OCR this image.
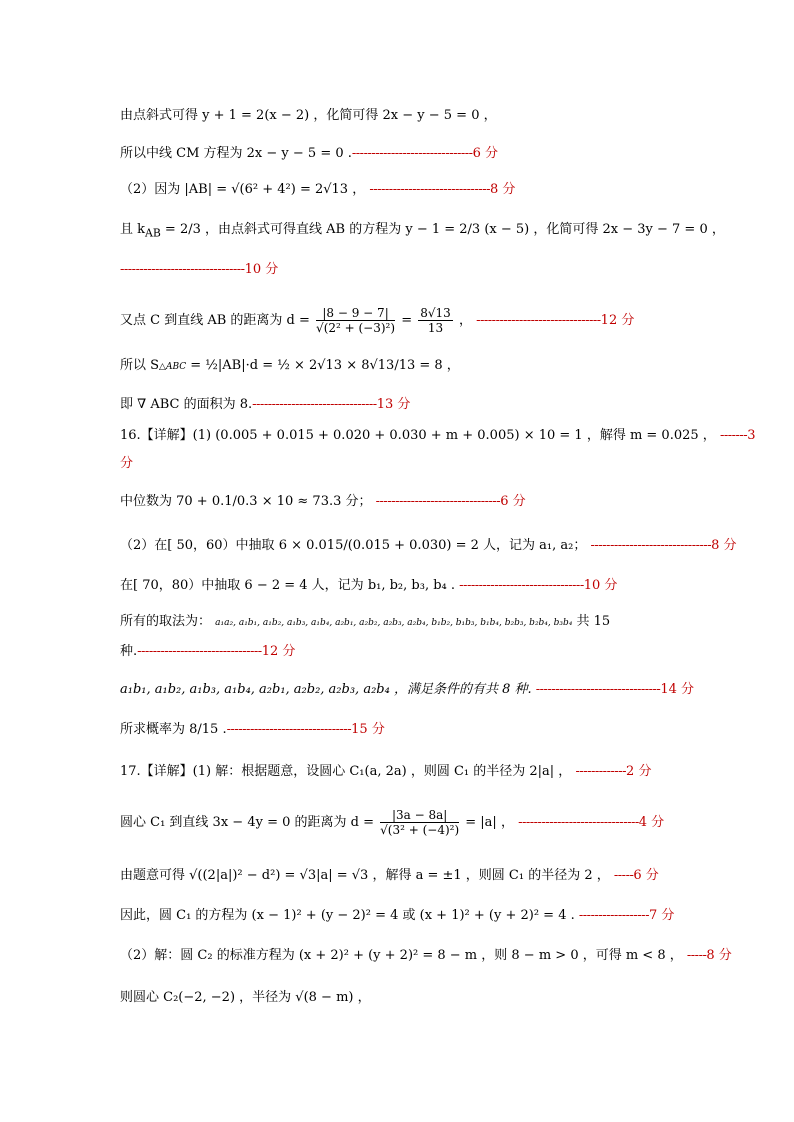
由点斜式可得 y + 1 = 2(x − 2) ，化简可得 2x − y − 5 = 0 ，
所以中线 CM 方程为 2x − y − 5 = 0 .-------------------------------6 分
（2）因为 |AB| = √(6² + 4²) = 2√13 ， -------------------------------8 分
且 $k_{AB} = 2/3$ ，由点斜式可得直线 AB 的方程为 y − 1 = 2/3 (x − 5) ，化简可得 2x − 3y − 7 = 0 ，
--------------------------------10 分
又点 C 到直线 AB 的距离为 $d = \frac{|8 - 9 - 7|}{\text{√(2² + (−3)²)}} = \frac{8√13}{13}$ ， --------------------------------12 分
所以 S△ABC = ½|AB|·d = ½ × 2√13 × 8√13/13 = 8 ，
即 ∇ ABC 的面积为 8.--------------------------------13 分
16.【详解】(1) (0.005 + 0.015 + 0.020 + 0.030 + m + 0.005) × 10 = 1 ，解得 m = 0.025 ， -------3
分
中位数为 70 + 0.1/0.3 × 10 ≈ 73.3 分； --------------------------------6 分
（2）在[ 50，60）中抽取 6 × 0.015/(0.015 + 0.030) = 2 人，记为 a₁, a₂； -------------------------------8 分
在[ 70，80）中抽取 6 − 2 = 4 人，记为 b₁, b₂, b₃, b₄ . --------------------------------10 分
所有的取法为： a₁a₂, a₁b₁, a₁b₂, a₁b₃, a₁b₄, a₂b₁, a₂b₂, a₂b₃, a₂b₄, b₁b₂, b₁b₃, b₁b₄, b₂b₃, b₂b₄, b₃b₄ 共 15
种.--------------------------------12 分
a₁b₁, a₁b₂, a₁b₃, a₁b₄, a₂b₁, a₂b₂, a₂b₃, a₂b₄ ，满足条件的有共 8 种. --------------------------------14 分
所求概率为 8/15 .--------------------------------15 分
17.【详解】(1) 解：根据题意，设圆心 C₁(a, 2a) ，则圆 C₁ 的半径为 2|a| ， -------------2 分
圆心 C₁ 到直线 3x − 4y = 0 的距离为 $d = \frac{|3a - 8a|}{\text{√(3² + (−4)²)}} = |a|$ ， -------------------------------4 分
由题意可得 √((2|a|)² − d²) = √3|a| = √3 ，解得 a = ±1 ，则圆 C₁ 的半径为 2 ， -----6 分
因此，圆 C₁ 的方程为 (x − 1)² + (y − 2)² = 4 或 (x + 1)² + (y + 2)² = 4 . ------------------7 分
（2）解：圆 C₂ 的标准方程为 (x + 2)² + (y + 2)² = 8 − m ，则 8 − m > 0 ，可得 m < 8 ， -----8 分
则圆心 C₂(−2, −2) ，半径为 √(8 − m) ，
